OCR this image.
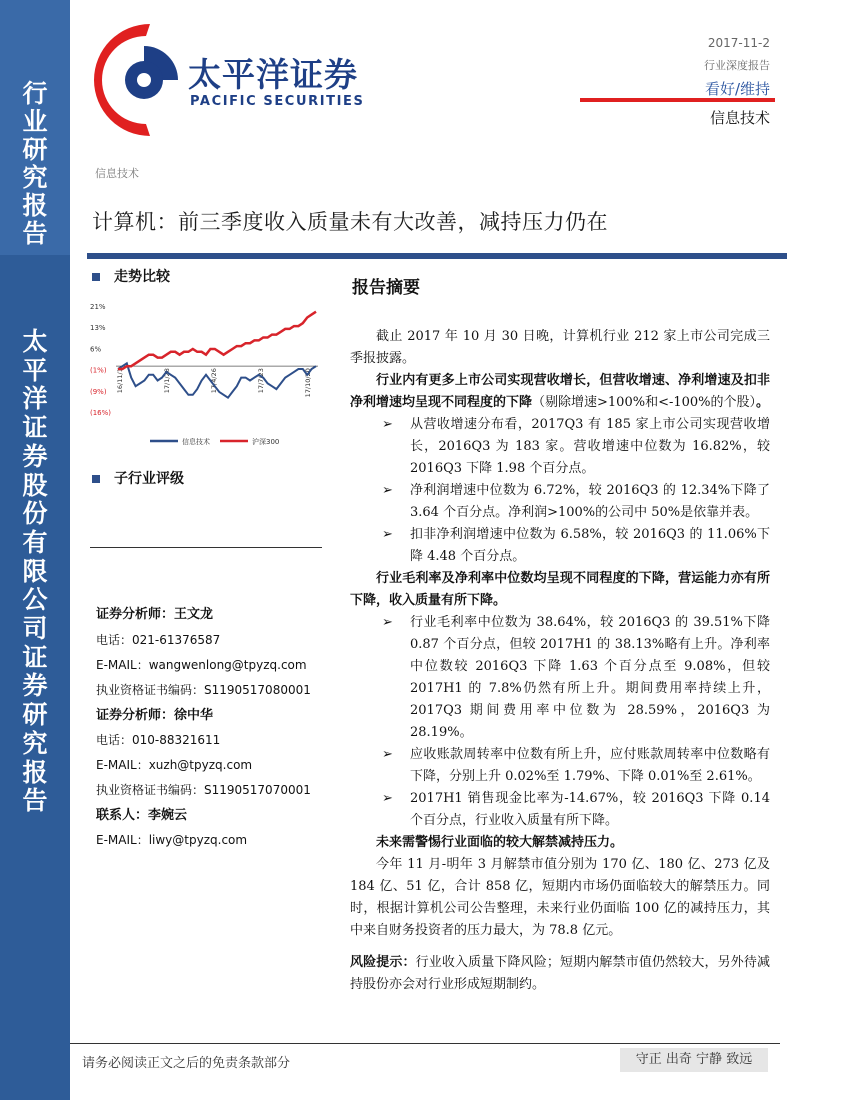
行
业
研
究
报
告
太
平
洋
证
券
股
份
有
限
公
司
证
券
研
究
报
告
太平洋证券
PACIFIC SECURITIES
2017-11-2
行业深度报告
看好/维持
信息技术
信息技术
计算机：前三季度收入质量未有大改善，减持压力仍在
走势比较
21%
13%
6%
(1%)
(9%)
(16%)
16/11/1	17/1/28	17/4/26	17/7/23	17/10/20
信息技术	沪深300
子行业评级
证券分析师：王文龙
电话：021-61376587
E-MAIL：wangwenlong@tpyzq.com
执业资格证书编码：S1190517080001
证券分析师：徐中华
电话：010-88321611
E-MAIL：xuzh@tpyzq.com
执业资格证书编码：S1190517070001
联系人：李婉云
E-MAIL：liwy@tpyzq.com
报告摘要

截止 2017 年 10 月 30 日晚，计算机行业 212 家上市公司完成三季报披露。

行业内有更多上市公司实现营收增长，但营收增速、净利增速及扣非净利增速均呈现不同程度的下降（剔除增速>100%和<-100%的个股）。

➢ 从营收增速分布看，2017Q3 有 185 家上市公司实现营收增长，2016Q3 为 183 家。营收增速中位数为 16.82%，较 2016Q3 下降 1.98 个百分点。
➢ 净利润增速中位数为 6.72%，较 2016Q3 的 12.34%下降了 3.64 个百分点。净利润>100%的公司中 50%是依靠并表。
➢ 扣非净利润增速中位数为 6.58%，较 2016Q3 的 11.06%下降 4.48 个百分点。

行业毛利率及净利率中位数均呈现不同程度的下降，营运能力亦有所下降，收入质量有所下降。

➢ 行业毛利率中位数为 38.64%，较 2016Q3 的 39.51%下降 0.87 个百分点，但较 2017H1 的 38.13%略有上升。净利率中位数较 2016Q3 下降 1.63 个百分点至 9.08%，但较 2017H1 的 7.8%仍然有所上升。期间费用率持续上升，2017Q3 期间费用率中位数为 28.59%，2016Q3 为 28.19%。
➢ 应收账款周转率中位数有所上升，应付账款周转率中位数略有下降，分别上升 0.02%至 1.79%、下降 0.01%至 2.61%。
➢ 2017H1 销售现金比率为-14.67%，较 2016Q3 下降 0.14 个百分点，行业收入质量有所下降。

未来需警惕行业面临的较大解禁减持压力。

今年 11 月-明年 3 月解禁市值分别为 170 亿、180 亿、273 亿及 184 亿、51 亿，合计 858 亿，短期内市场仍面临较大的解禁压力。同时，根据计算机公司公告整理，未来行业仍面临 100 亿的减持压力，其中来自财务投资者的压力最大，为 78.8 亿元。

风险提示：行业收入质量下降风险；短期内解禁市值仍然较大，另外待减持股份亦会对行业形成短期制约。

请务必阅读正文之后的免责条款部分	守正 出奇 宁静 致远
